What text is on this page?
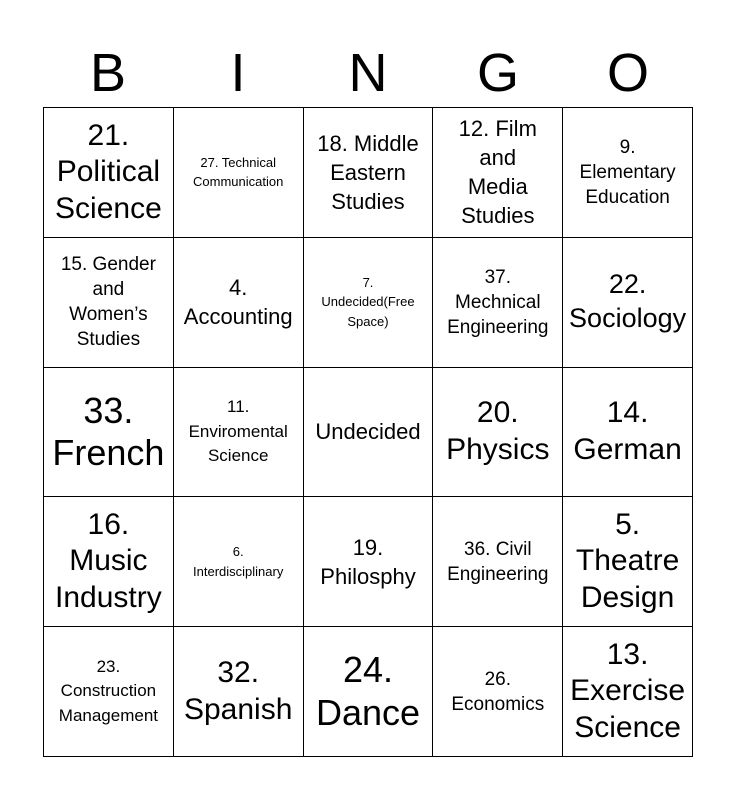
B	I	N	G	O
21.
Political
Science
27. Technical
Communication
18. Middle
Eastern
Studies
12. Film
and
Media
Studies
9.
Elementary
Education
15. Gender
and
Women’s
Studies
4.
Accounting
7.
Undecided(Free
Space)
37.
Mechnical
Engineering
22.
Sociology
33.
French
11.
Enviromental
Science
Undecided
20.
Physics
14.
German
16.
Music
Industry
6.
Interdisciplinary
19.
Philosphy
36. Civil
Engineering
5.
Theatre
Design
23.
Construction
Management
32.
Spanish
24.
Dance
26.
Economics
13.
Exercise
Science
